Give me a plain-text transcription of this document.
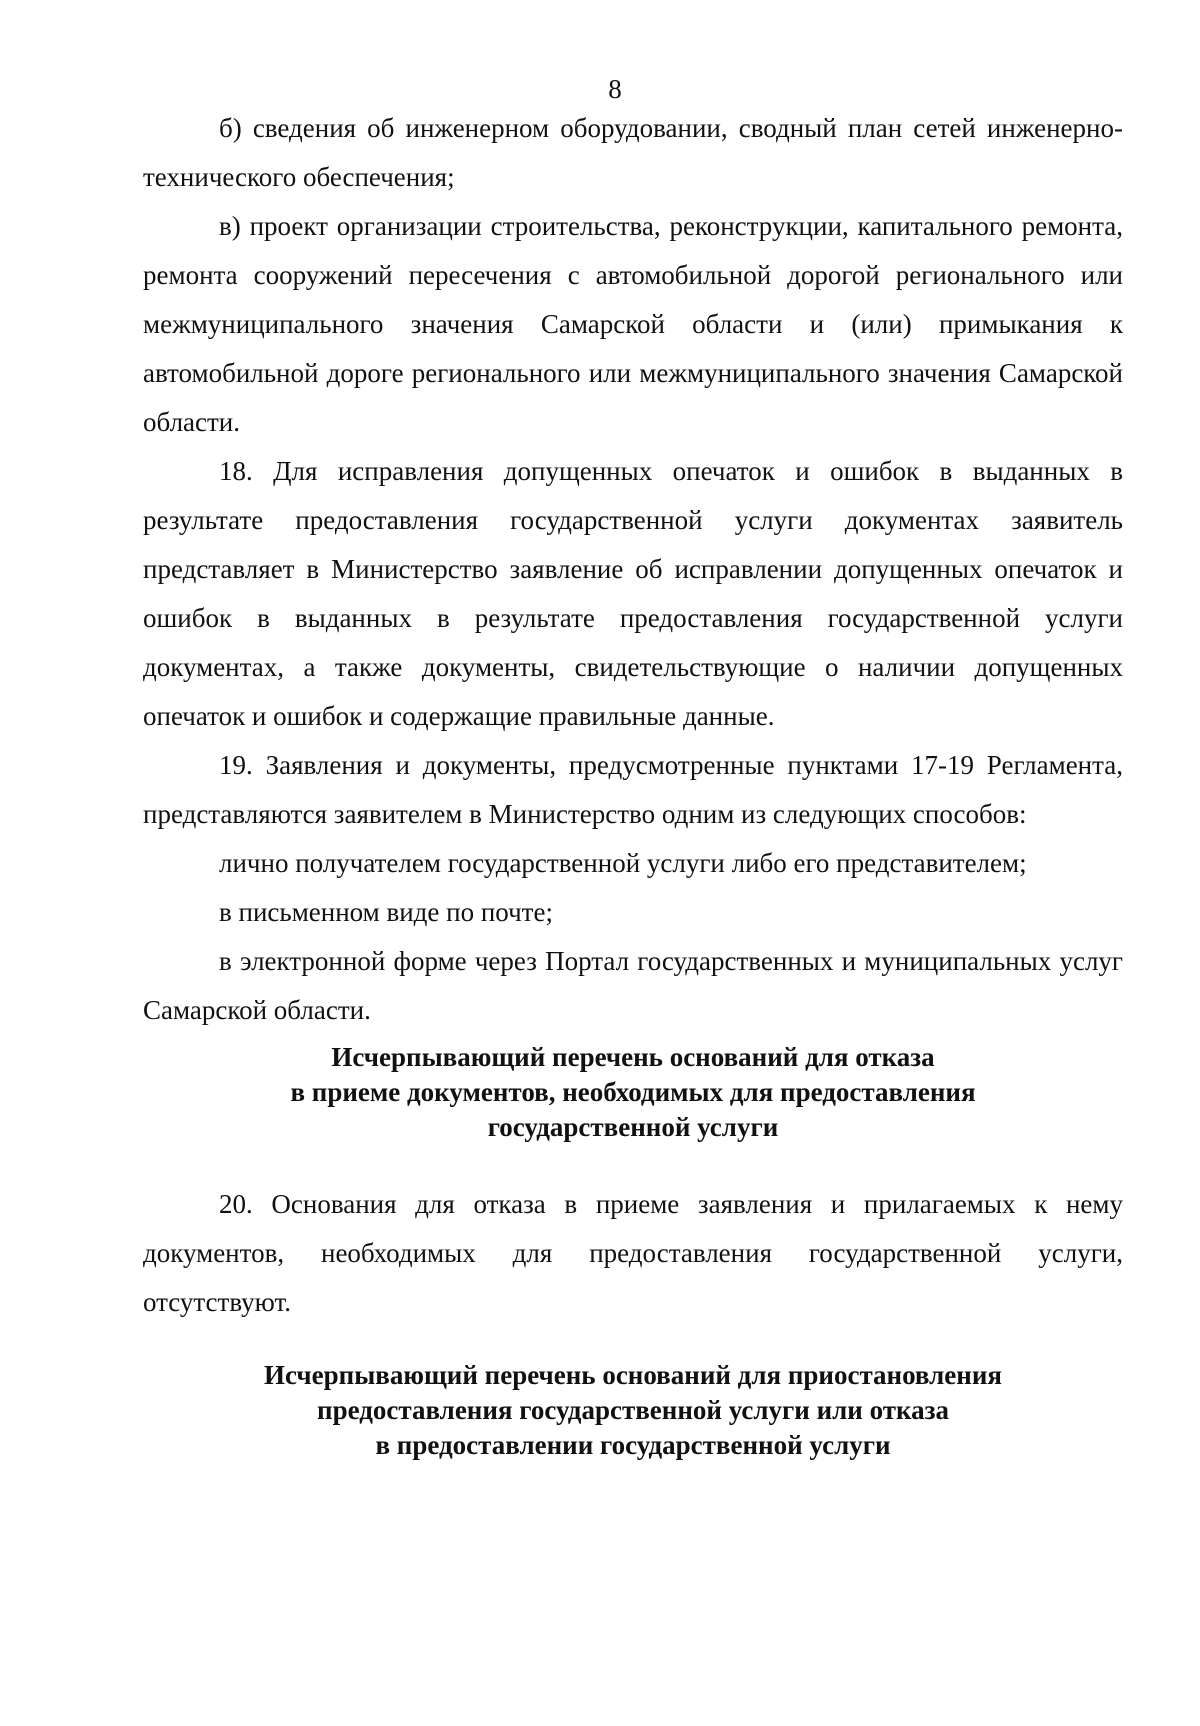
8

б) сведения об инженерном оборудовании, сводный план сетей инженерно-технического обеспечения;

в) проект организации строительства, реконструкции, капитального ремонта, ремонта сооружений пересечения с автомобильной дорогой регионального или межмуниципального значения Самарской области и (или) примыкания к автомобильной дороге регионального или межмуниципального значения Самарской области.

18. Для исправления допущенных опечаток и ошибок в выданных в результате предоставления государственной услуги документах заявитель представляет в Министерство заявление об исправлении допущенных опечаток и ошибок в выданных в результате предоставления государственной услуги документах, а также документы, свидетельствующие о наличии допущенных опечаток и ошибок и содержащие правильные данные.

19. Заявления и документы, предусмотренные пунктами 17-19 Регламента, представляются заявителем в Министерство одним из следующих способов:

лично получателем государственной услуги либо его представителем;

в письменном виде по почте;

в электронной форме через Портал государственных и муниципальных услуг Самарской области.

Исчерпывающий перечень оснований для отказа
в приеме документов, необходимых для предоставления
государственной услуги

20. Основания для отказа в приеме заявления и прилагаемых к нему документов, необходимых для предоставления государственной услуги, отсутствуют.

Исчерпывающий перечень оснований для приостановления
предоставления государственной услуги или отказа
в предоставлении государственной услуги
